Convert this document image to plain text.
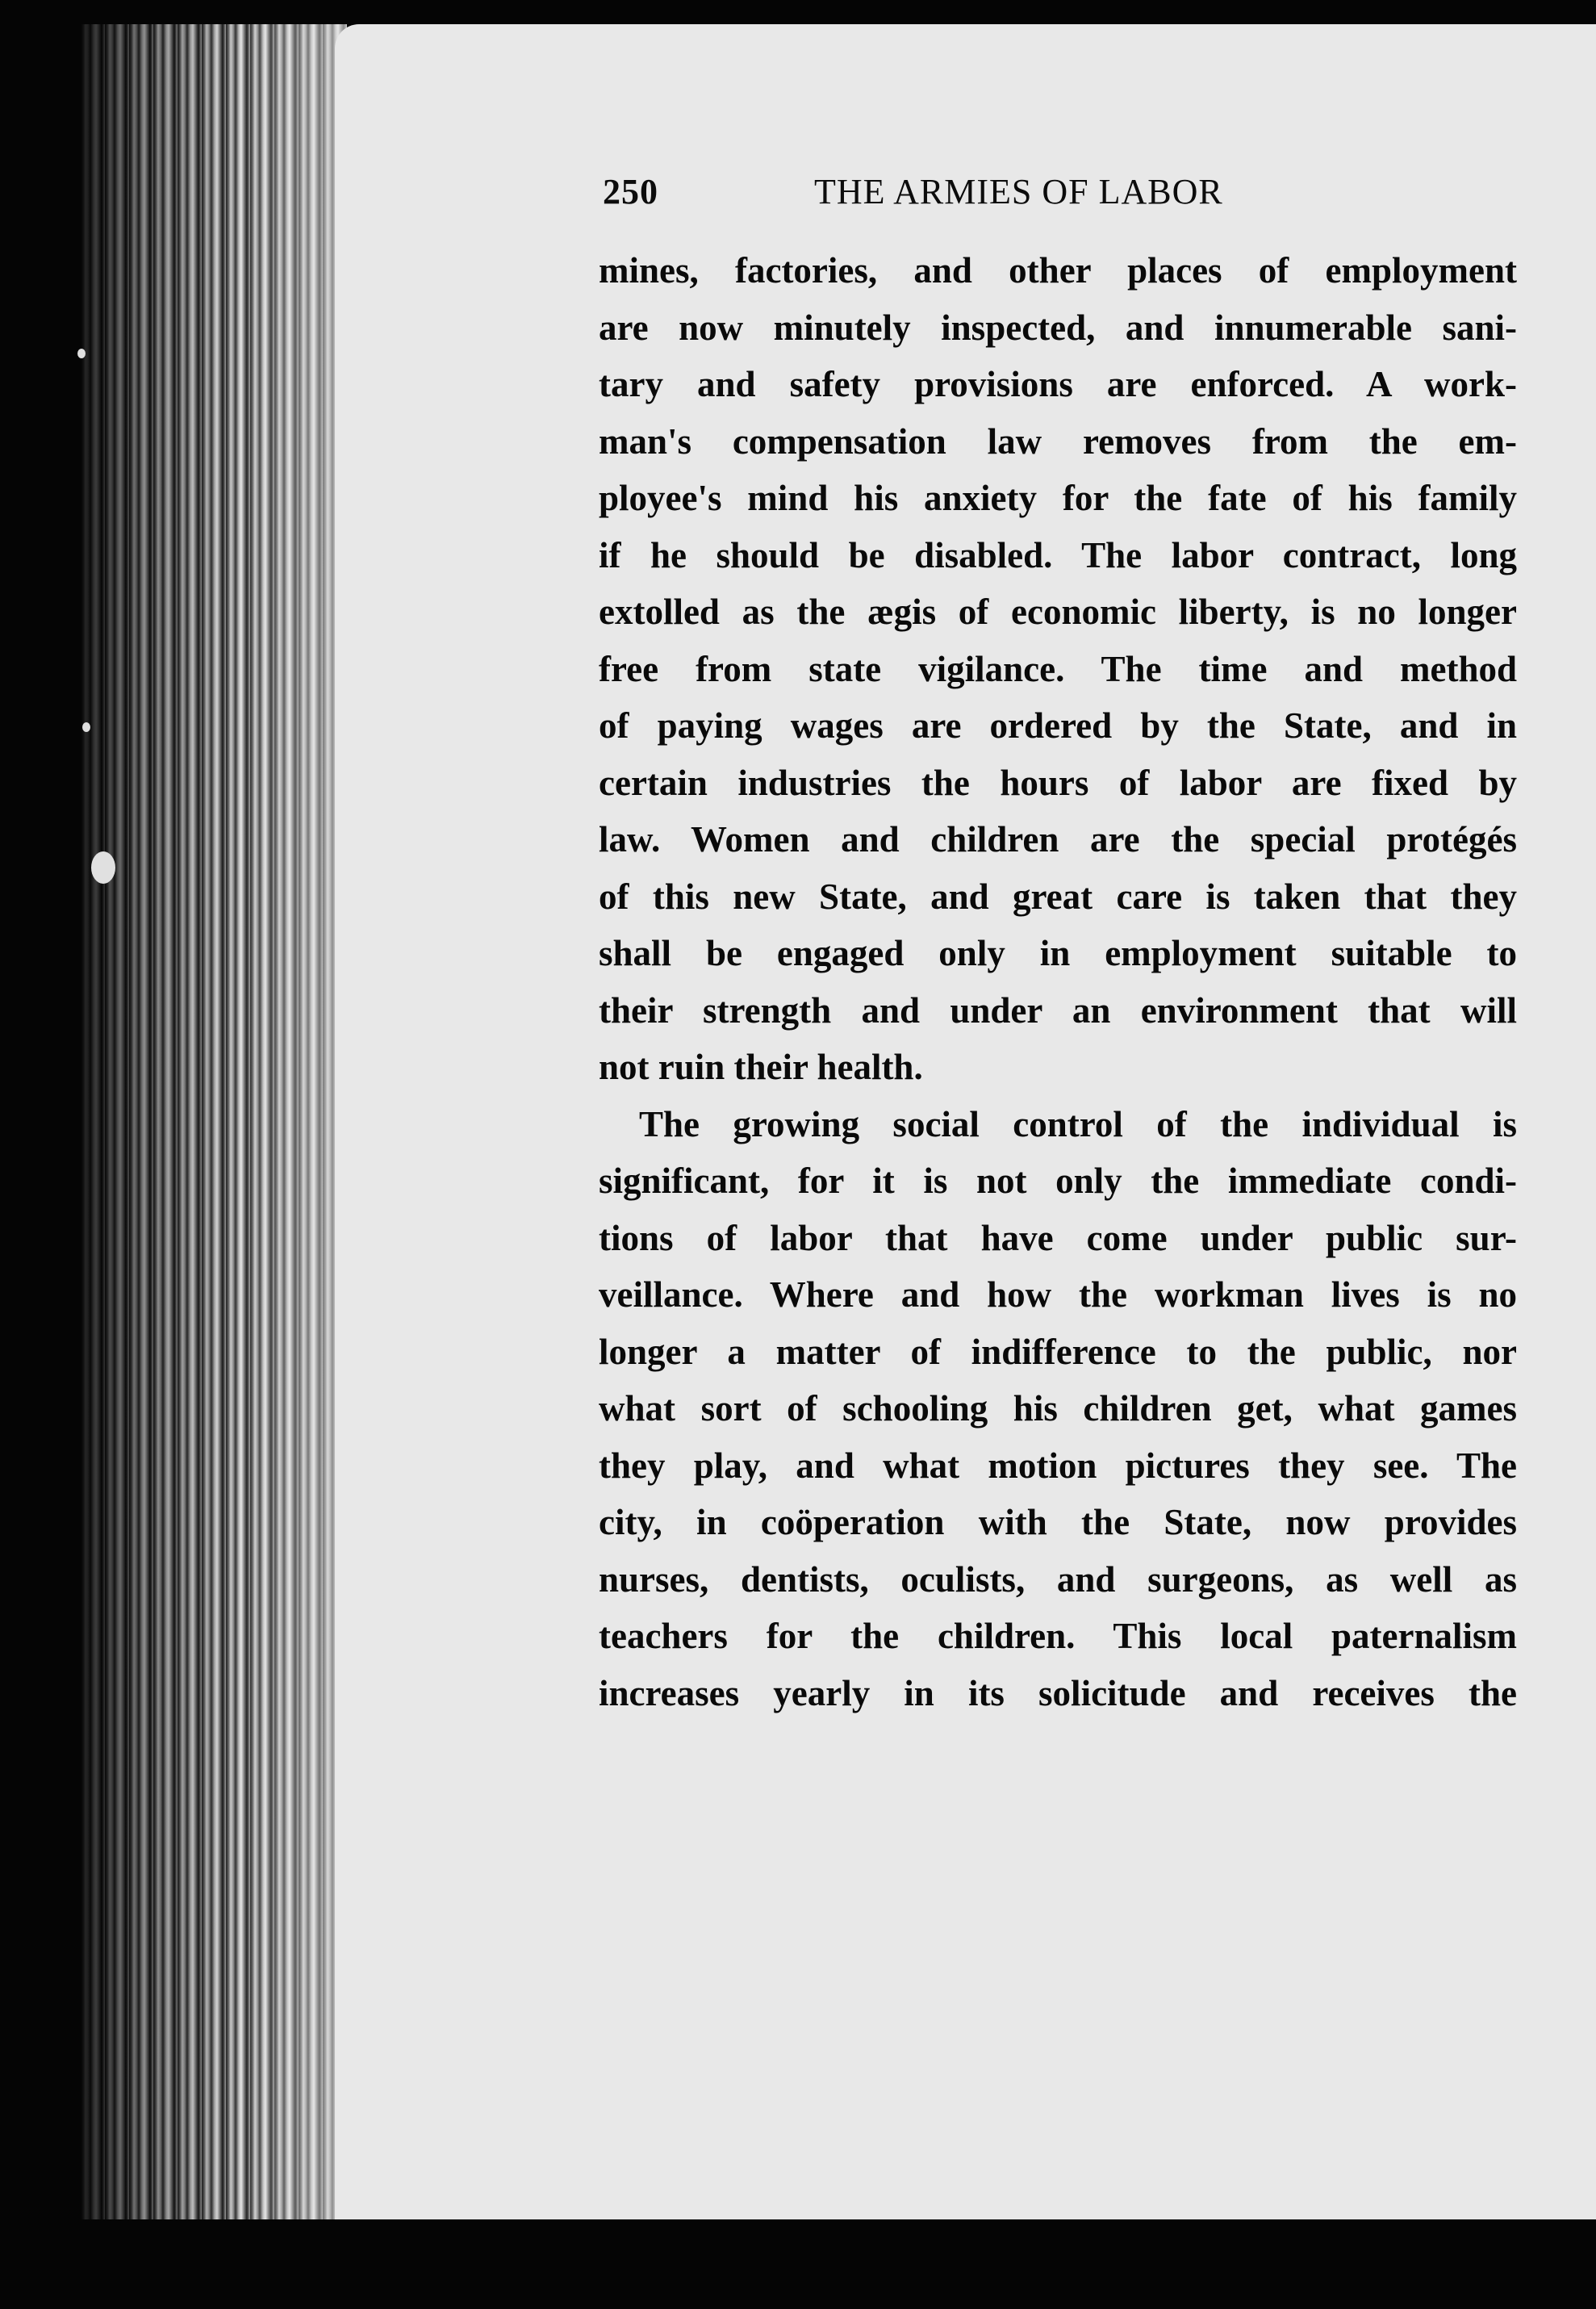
250	THE ARMIES OF LABOR
mines, factories, and other places of employment
are now minutely inspected, and innumerable sani-
tary and safety provisions are enforced. A work-
man's compensation law removes from the em-
ployee's mind his anxiety for the fate of his family
if he should be disabled. The labor contract, long
extolled as the ægis of economic liberty, is no longer
free from state vigilance. The time and method
of paying wages are ordered by the State, and in
certain industries the hours of labor are fixed by
law. Women and children are the special protégés
of this new State, and great care is taken that they
shall be engaged only in employment suitable to
their strength and under an environment that will
not ruin their health.
The growing social control of the individual is
significant, for it is not only the immediate condi-
tions of labor that have come under public sur-
veillance. Where and how the workman lives is no
longer a matter of indifference to the public, nor
what sort of schooling his children get, what games
they play, and what motion pictures they see. The
city, in coöperation with the State, now provides
nurses, dentists, oculists, and surgeons, as well as
teachers for the children. This local paternalism
increases yearly in its solicitude and receives the
